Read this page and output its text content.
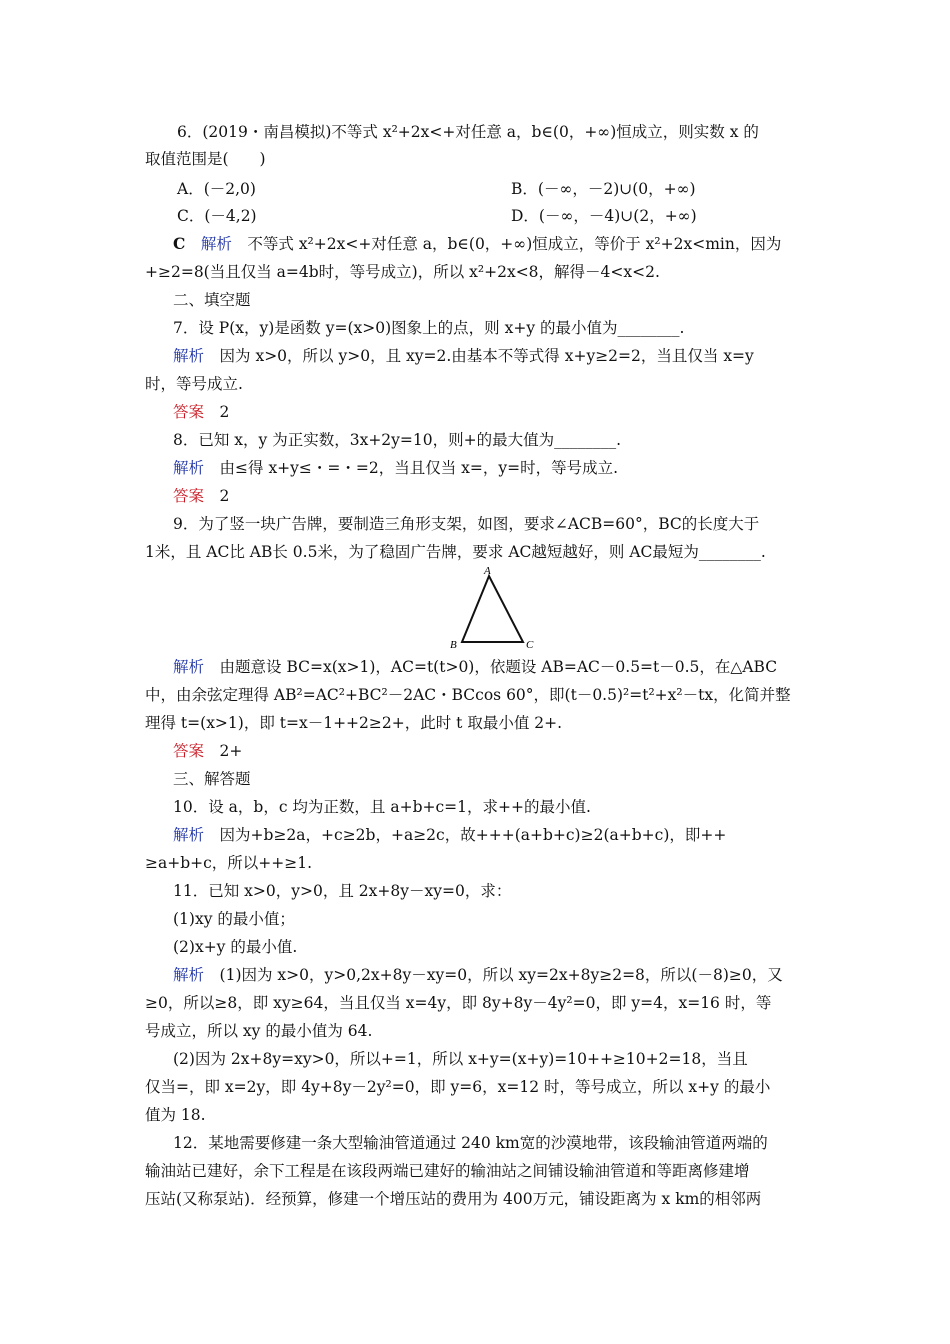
6．(2019・南昌模拟)不等式 x²+2x<+对任意 a，b∈(0，+∞)恒成立，则实数 x 的
取值范围是(　　)
A．(－2,0)	B．(－∞，－2)∪(0，+∞)
C．(－4,2)	D．(－∞，－4)∪(2，+∞)
C　 解析　 不等式 x²+2x<+对任意 a，b∈(0，+∞)恒成立，等价于 x²+2x<min，因为
+≥2=8(当且仅当 a=4b时，等号成立)，所以 x²+2x<8，解得－4<x<2.
二、填空题
7．设 P(x，y)是函数 y=(x>0)图象上的点，则 x+y 的最小值为________.
解析　 因为 x>0，所以 y>0，且 xy=2.由基本不等式得 x+y≥2=2，当且仅当 x=y
时，等号成立.
答案　 2
8．已知 x，y 为正实数，3x+2y=10，则+的最大值为________.
解析　 由≤得 x+y≤・=・=2，当且仅当 x=，y=时，等号成立.
答案　 2
9．为了竖一块广告牌，要制造三角形支架，如图，要求∠ACB=60°，BC的长度大于
1米，且 AC比 AB长 0.5米，为了稳固广告牌，要求 AC越短越好，则 AC最短为________.
A
B	C
解析　 由题意设 BC=x(x>1)，AC=t(t>0)，依题设 AB=AC－0.5=t－0.5，在△ABC
中，由余弦定理得 AB²=AC²+BC²－2AC・BCcos 60°，即(t－0.5)²=t²+x²－tx，化简并整
理得 t=(x>1)，即 t=x－1++2≥2+，此时 t 取最小值 2+.
答案　 2+
三、解答题
10．设 a，b，c 均为正数，且 a+b+c=1，求++的最小值.
解析　 因为+b≥2a，+c≥2b，+a≥2c，故+++(a+b+c)≥2(a+b+c)，即++
≥a+b+c，所以++≥1.
11．已知 x>0，y>0，且 2x+8y－xy=0，求：
(1)xy 的最小值；
(2)x+y 的最小值.
解析　 (1)因为 x>0，y>0,2x+8y－xy=0，所以 xy=2x+8y≥2=8，所以(－8)≥0，又
≥0，所以≥8，即 xy≥64，当且仅当 x=4y，即 8y+8y－4y²=0，即 y=4，x=16 时，等
号成立，所以 xy 的最小值为 64.
(2)因为 2x+8y=xy>0，所以+=1，所以 x+y=(x+y)=10++≥10+2=18，当且
仅当=，即 x=2y，即 4y+8y－2y²=0，即 y=6，x=12 时，等号成立，所以 x+y 的最小
值为 18.
12．某地需要修建一条大型输油管道通过 240 km宽的沙漠地带，该段输油管道两端的
输油站已建好，余下工程是在该段两端已建好的输油站之间铺设输油管道和等距离修建增
压站(又称泵站)．经预算，修建一个增压站的费用为 400万元，铺设距离为 x km的相邻两
